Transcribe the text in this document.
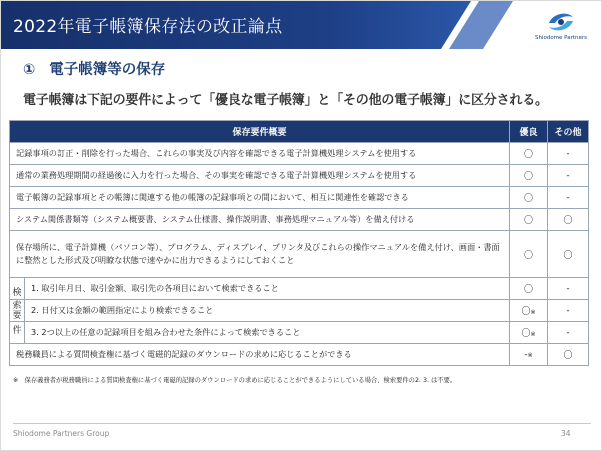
2022年電子帳簿保存法の改正論点
Shiodome Partners
① 電子帳簿等の保存
電子帳簿は下記の要件によって「優良な電子帳簿」と「その他の電子帳簿」に区分される。
保存要件概要	優良	その他

記録事項の訂正・削除を行った場合、これらの事実及び内容を確認できる電子計算機処理システムを使用する	〇	-

通常の業務処理期間の経過後に入力を行った場合、その事実を確認できる電子計算機処理システムを使用する	〇	-

電子帳簿の記録事項とその帳簿に関連する他の帳簿の記録事項との間において、相互に関連性を確認できる	〇	-

システム関係書類等（システム概要書、システム仕様書、操作説明書、事務処理マニュアル等）を備え付ける	〇	〇

保存場所に、電子計算機（パソコン等）、プログラム、ディスプレイ、プリンタ及びこれらの操作マニュアルを備え付け、画面・書面に整然とした形式及び明瞭な状態で速やかに出力できるようにしておくこと	〇	〇

検 1. 取引年月日、取引金額、取引先の各項目において検索できること	〇	-

索
要
2. 日付又は金額の範囲指定により検索できること	〇※	-

件 3. 2つ以上の任意の記録項目を組み合わせた条件によって検索できること	〇※	-

税務職員による質問検査権に基づく電磁的記録のダウンロードの求めに応じることができる	-※	〇
※　保存義務者が税務職員による質問検査権に基づく電磁的記録のダウンロードの求めに応じることができるようにしている場合、検索要件の2. 3. は不要。
Shiodome Partners Group	34
